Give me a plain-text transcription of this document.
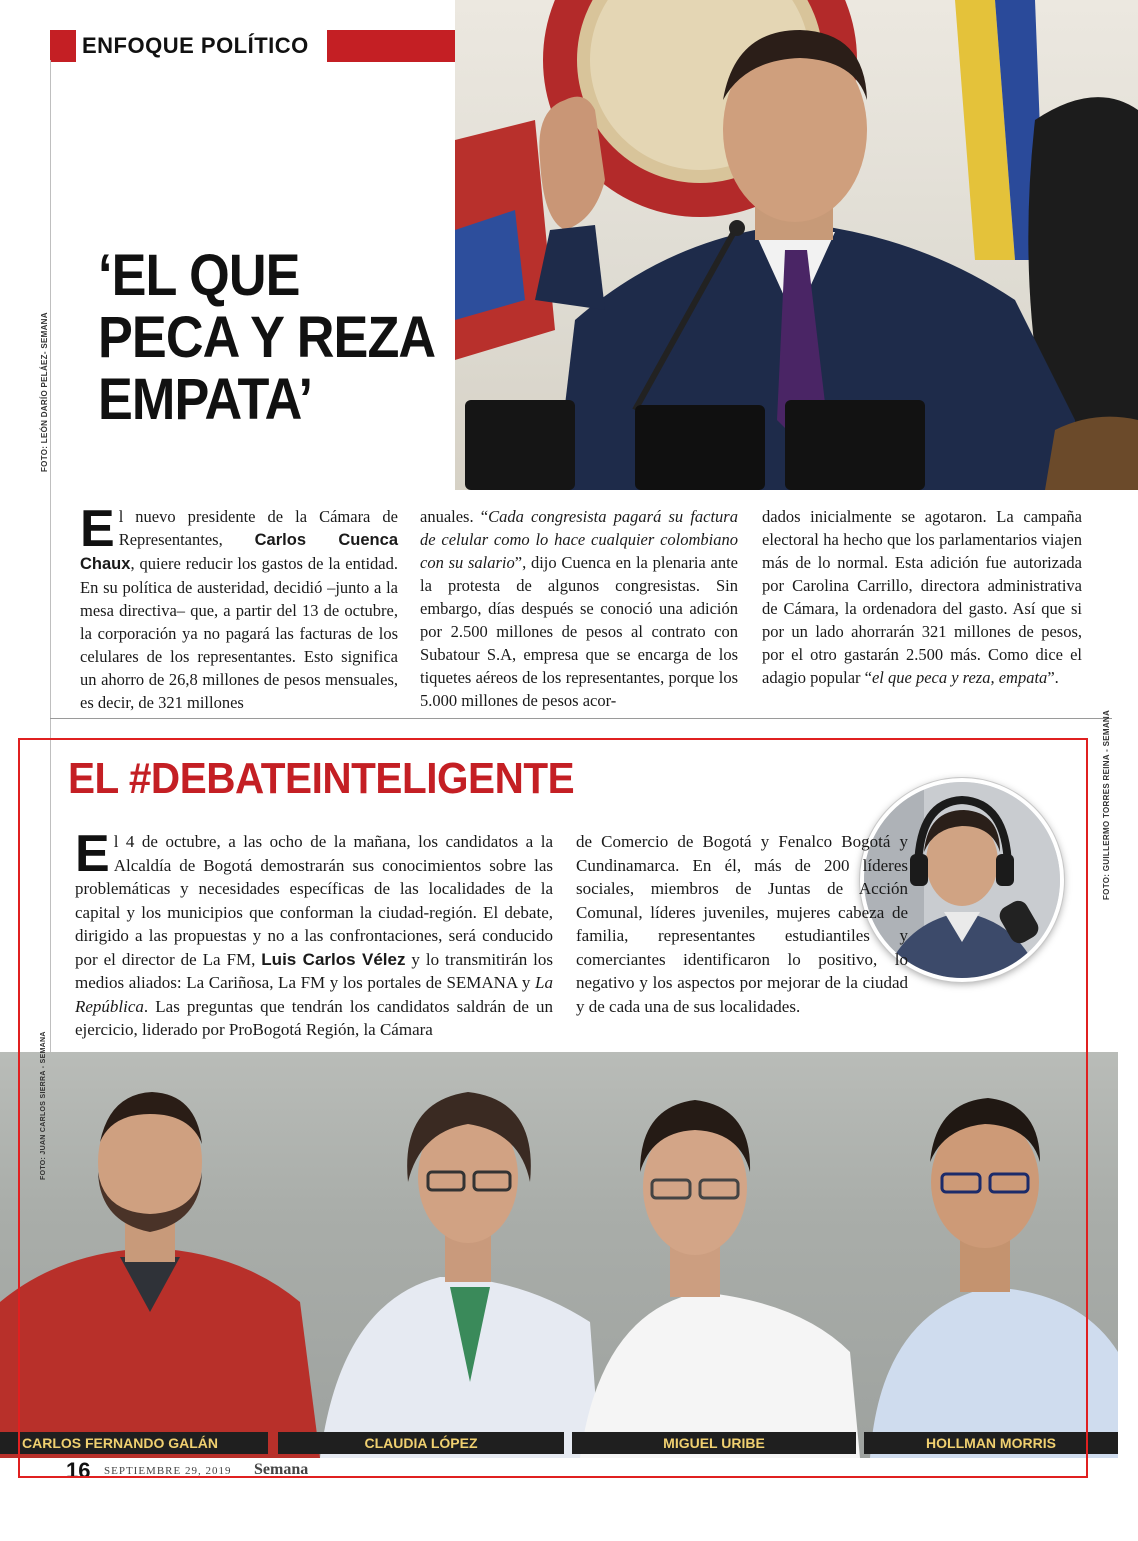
ENFOQUE POLÍTICO
‘EL QUE
PECA Y REZA
EMPATA’
FOTO: LEÓN DARÍO PELÁEZ- SEMANA
El nuevo presidente de la Cámara de Representantes, Carlos Cuenca Chaux, quiere reducir los gastos de la entidad. En su política de austeridad, decidió –junto a la mesa directiva– que, a partir del 13 de octubre, la corporación ya no pagará las facturas de los celulares de los representantes. Esto significa un ahorro de 26,8 millones de pesos mensuales, es decir, de 321 millones
anuales. “Cada congresista pagará su factura de celular como lo hace cualquier colombiano con su salario”, dijo Cuenca en la plenaria ante la protesta de algunos congresistas. Sin embargo, días después se conoció una adición por 2.500 millones de pesos al contrato con Subatour S.A, empresa que se encarga de los tiquetes aéreos de los representantes, porque los 5.000 millones de pesos acor-
dados inicialmente se agotaron. La campaña electoral ha hecho que los parlamentarios viajen más de lo normal. Esta adición fue autorizada por Carolina Carrillo, directora administrativa de Cámara, la ordenadora del gasto. Así que si por un lado ahorrarán 321 millones de pesos, por el otro gastarán 2.500 más. Como dice el adagio popular “el que peca y reza, empata”.
EL #DEBATEINTELIGENTE	FOTO: GUILLERMO TORRES REINA - SEMANA
El 4 de octubre, a las ocho de la mañana, los candidatos a la Alcaldía de Bogotá demostrarán sus conocimientos sobre las problemáticas y necesidades específicas de las localidades de la capital y los municipios que conforman la ciudad-región. El debate, dirigido a las propuestas y no a las confrontaciones, será conducido por el director de La FM, Luis Carlos Vélez y lo transmitirán los medios aliados: La Cariñosa, La FM y los portales de SEMANA y La República. Las preguntas que tendrán los candidatos saldrán de un ejercicio, liderado por ProBogotá Región, la Cámara
de Comercio de Bogotá y Fenalco Bogotá y Cundinamarca. En él, más de 200 líderes sociales, miembros de Juntas de Acción Comunal, líderes juveniles, mujeres cabeza de familia, representantes estudiantiles y comerciantes identificaron lo positivo, lo negativo y los aspectos por mejorar de la ciudad y de cada una de sus localidades.
FOTO: JUAN CARLOS SIERRA - SEMANA
CARLOS FERNANDO GALÁN	CLAUDIA LÓPEZ	MIGUEL URIBE	HOLLMAN MORRIS
16 SEPTIEMBRE 29, 2019 Semana
